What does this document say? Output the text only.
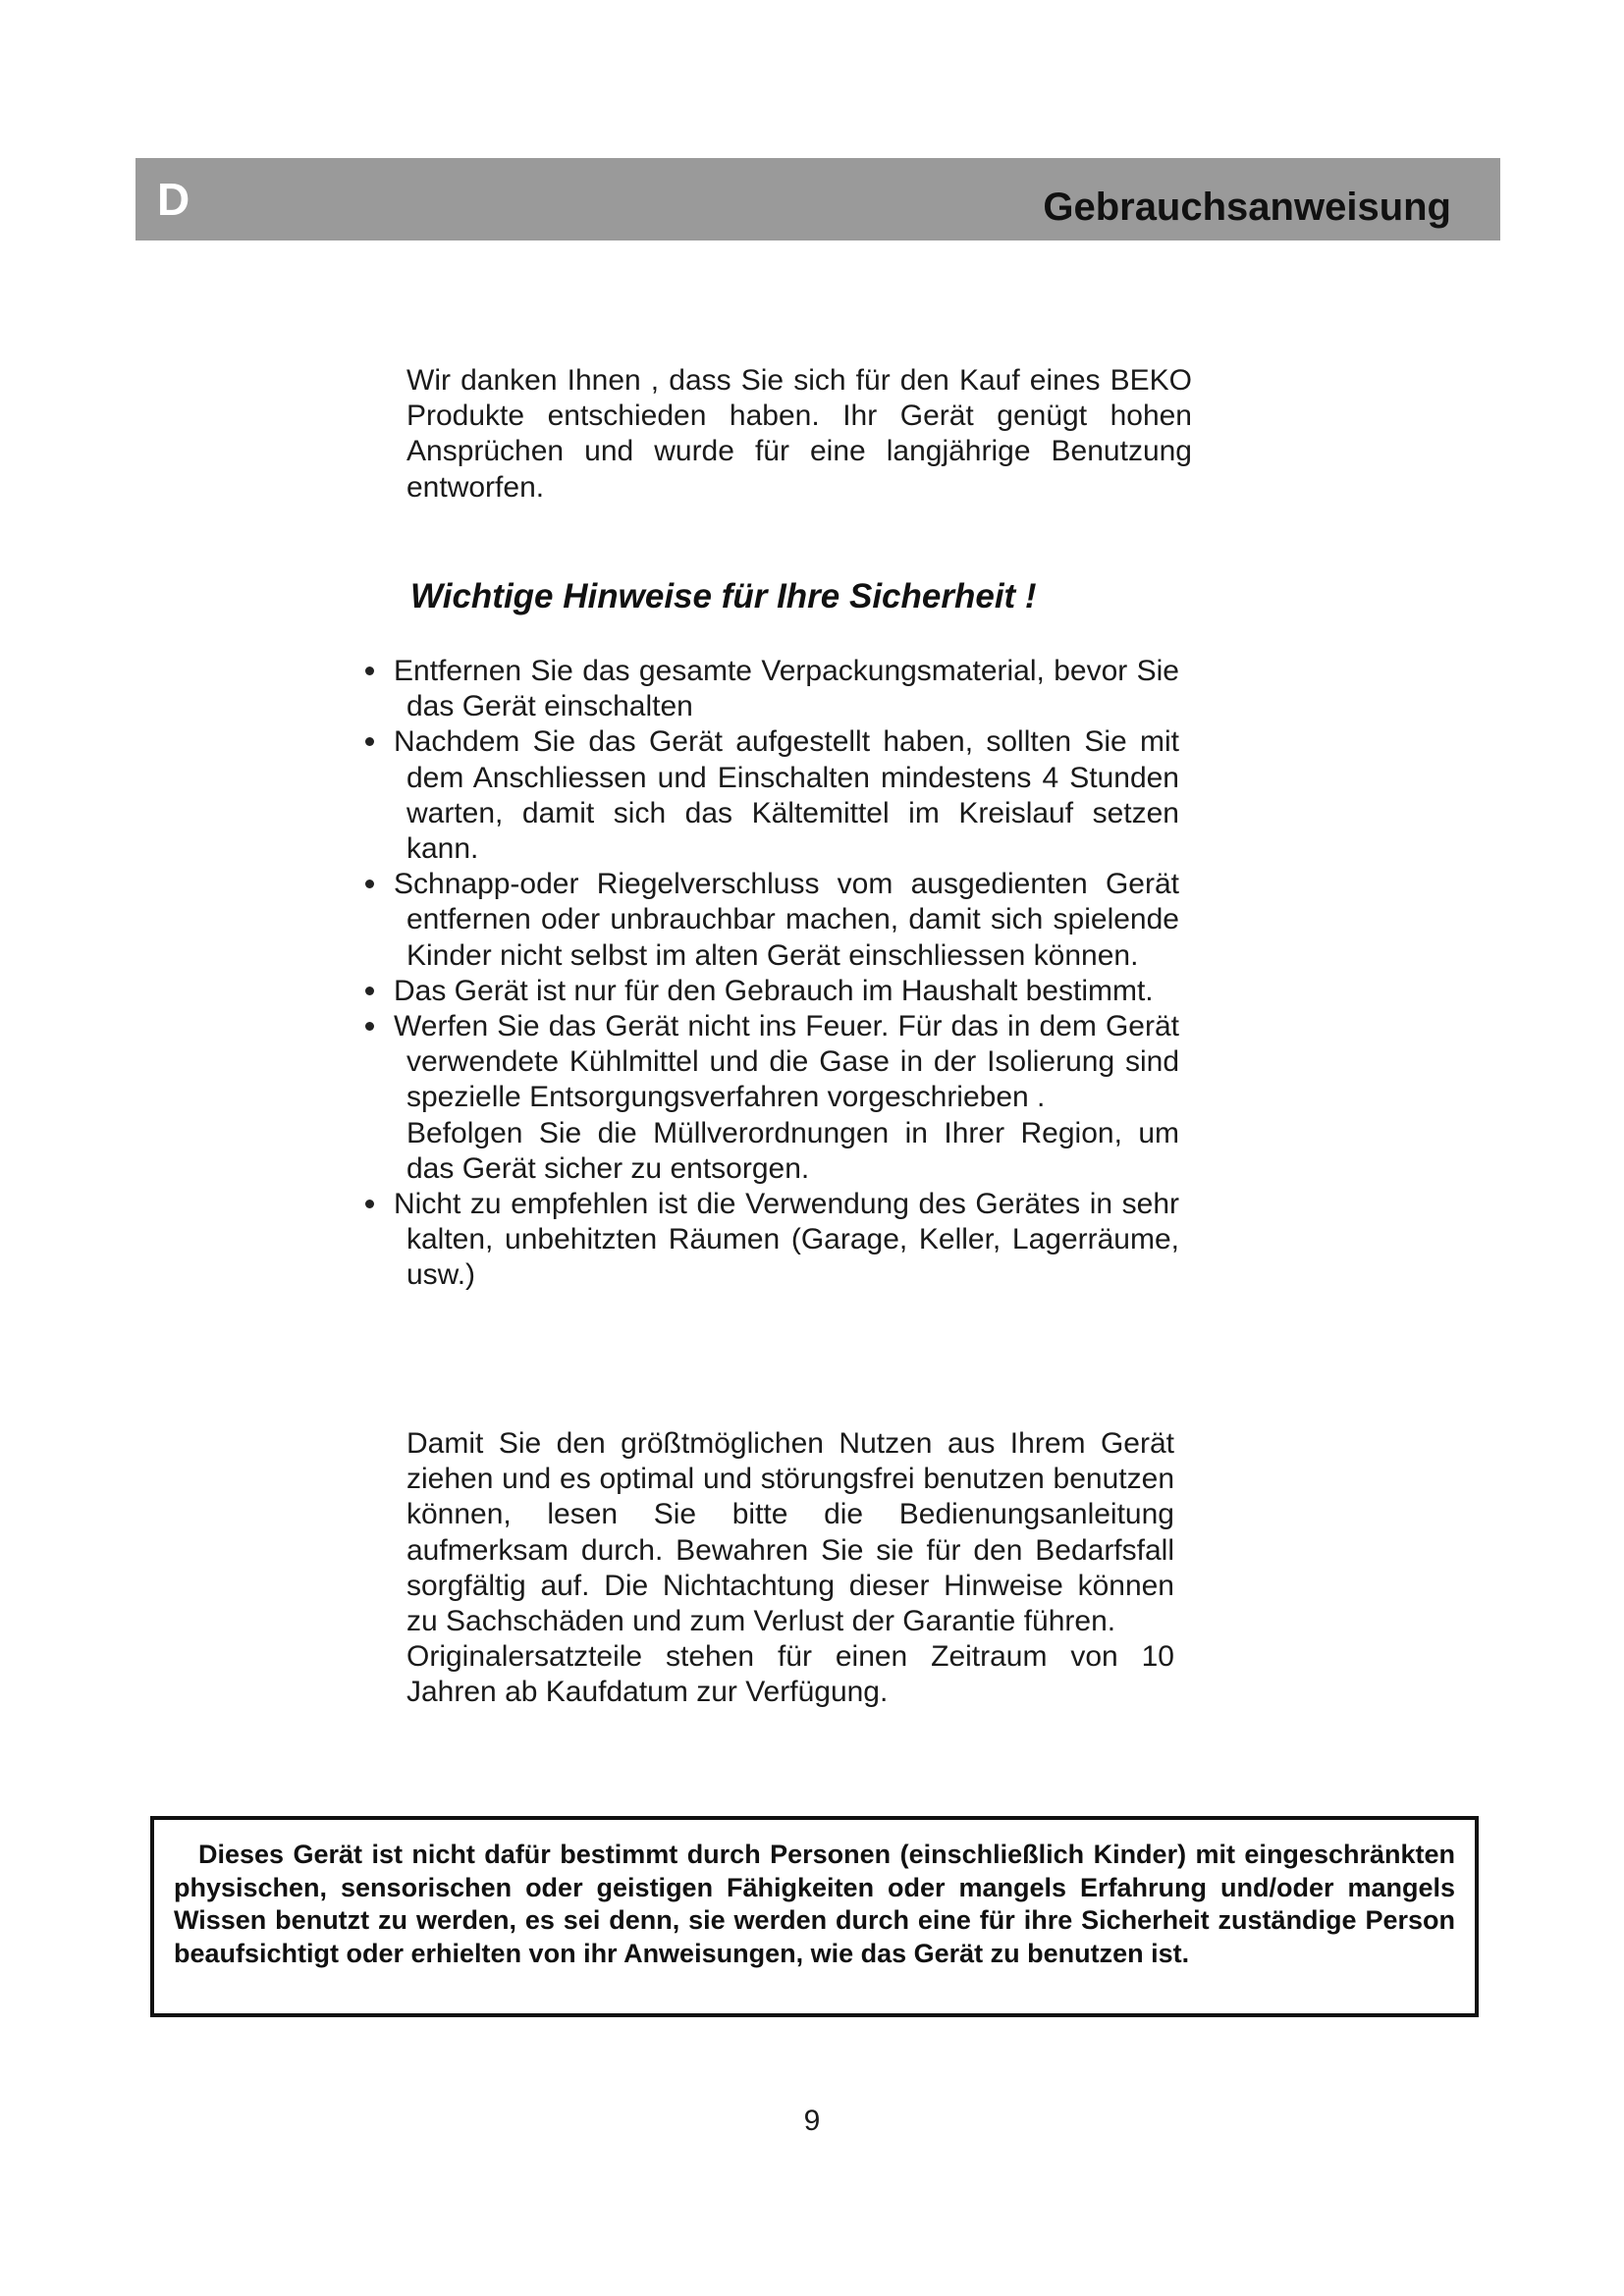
D	Gebrauchsanweisung
Wir danken Ihnen , dass Sie sich für den Kauf eines BEKO Produkte entschieden haben. Ihr Gerät genügt hohen Ansprüchen und wurde für eine langjährige Benutzung entworfen.
Wichtige Hinweise für Ihre Sicherheit !
Entfernen Sie das gesamte Verpackungsmaterial, bevor Sie das Gerät einschalten
Nachdem Sie das Gerät aufgestellt haben, sollten Sie mit dem Anschliessen und Einschalten mindestens 4 Stunden warten, damit sich das Kältemittel im Kreislauf setzen kann.
Schnapp-oder Riegelverschluss vom ausgedienten Gerät entfernen oder unbrauchbar machen, damit sich spielende Kinder nicht selbst im alten Gerät einschliessen können.
Das Gerät ist nur für den Gebrauch im Haushalt bestimmt.
Werfen Sie das Gerät nicht ins Feuer. Für das in dem Gerät verwendete Kühlmittel und die Gase in der Isolierung sind spezielle Entsorgungsverfahren vorgeschrieben .
Befolgen Sie die Müllverordnungen in Ihrer Region, um das Gerät sicher zu entsorgen.
Nicht zu empfehlen ist die Verwendung des Gerätes in sehr kalten, unbehitzten Räumen (Garage, Keller, Lagerräume, usw.)
Damit Sie den größtmöglichen Nutzen aus Ihrem Gerät ziehen und es optimal und störungsfrei benutzen benutzen können, lesen Sie bitte die Bedienungsanleitung aufmerksam durch. Bewahren Sie sie für den Bedarfsfall sorgfältig auf. Die Nichtachtung dieser Hinweise können zu Sachschäden und zum Verlust der Garantie führen.
Originalersatzteile stehen für einen Zeitraum von 10 Jahren ab Kaufdatum zur Verfügung.
Dieses Gerät ist nicht dafür bestimmt durch Personen (einschließlich Kinder) mit eingeschränkten physischen, sensorischen oder geistigen Fähigkeiten oder mangels Erfahrung und/oder mangels Wissen benutzt zu werden, es sei denn, sie werden durch eine für ihre Sicherheit zuständige Person beaufsichtigt oder erhielten von ihr Anweisungen, wie das Gerät zu benutzen ist.
9
